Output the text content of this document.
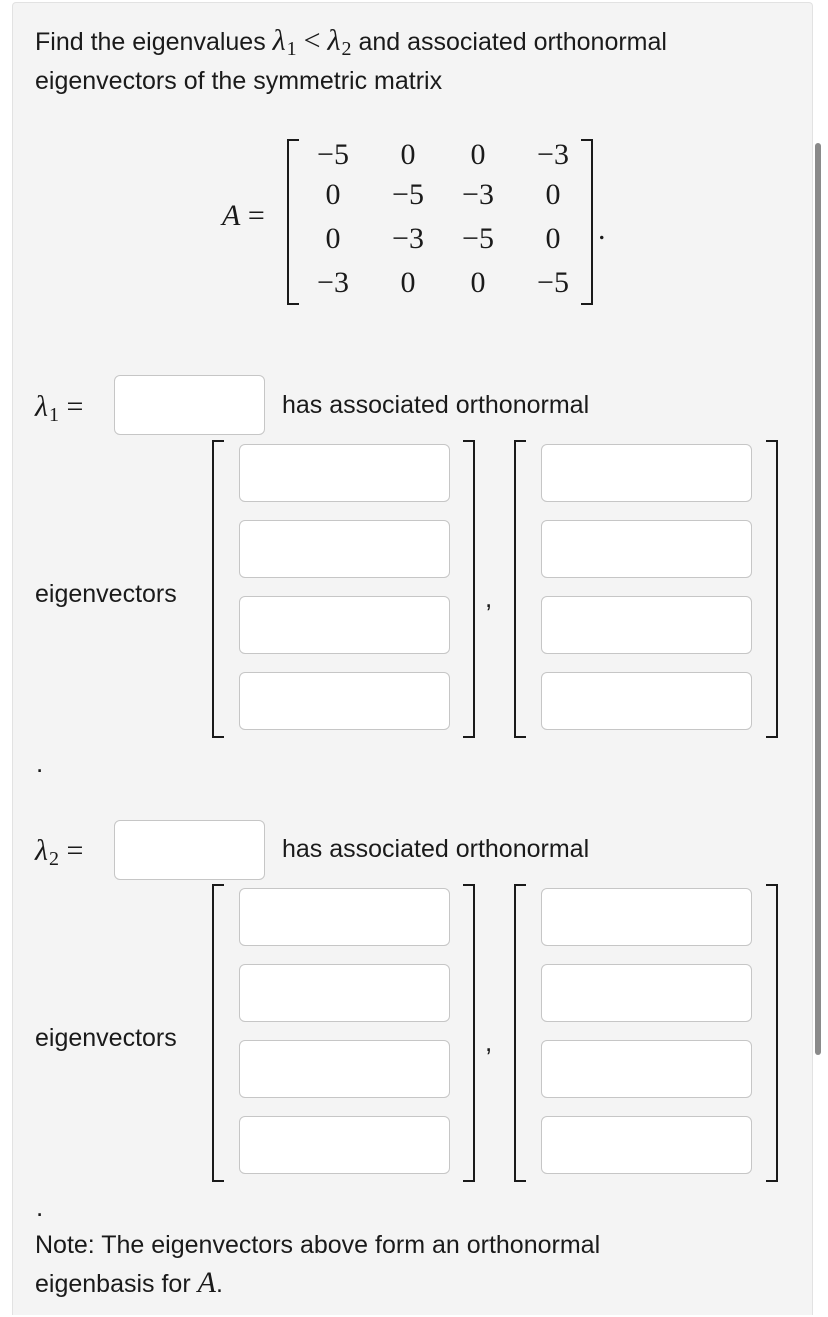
Find the eigenvalues $\lambda_1 < \lambda_2$ and associated orthonormal
eigenvectors of the symmetric matrix
A =
−5	0	0	−3
0	−5	−3	0
0	−3	−5	0
−3	0	0	−5
.
$\lambda_1$ =	has associated orthonormal
eigenvectors	,
.
$\lambda_2$ =	has associated orthonormal
eigenvectors	,
.
Note: The eigenvectors above form an orthonormal
eigenbasis for A.
